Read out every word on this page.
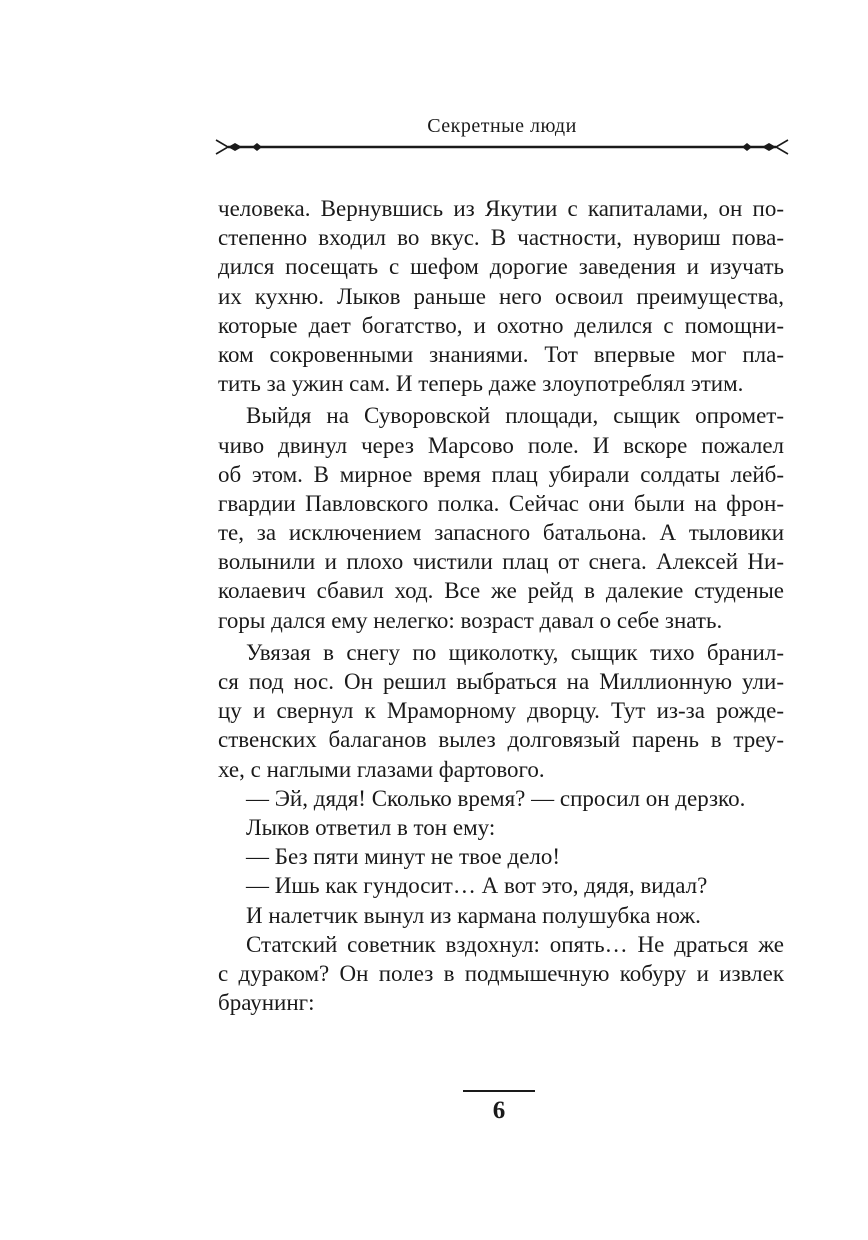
Секретные люди

человека. Вернувшись из Якутии с капиталами, он по-

степенно входил во вкус. В частности, нувориш пова-

дился посещать с шефом дорогие заведения и изучать

их кухню. Лыков раньше него освоил преимущества,

которые дает богатство, и охотно делился с помощни-

ком сокровенными знаниями. Тот впервые мог пла-

тить за ужин сам. И теперь даже злоупотреблял этим.

Выйдя на Суворовской площади, сыщик опромет-

чиво двинул через Марсово поле. И вскоре пожалел

об этом. В мирное время плац убирали солдаты лейб-

гвардии Павловского полка. Сейчас они были на фрон-

те, за исключением запасного батальона. А тыловики

волынили и плохо чистили плац от снега. Алексей Ни-

колаевич сбавил ход. Все же рейд в далекие студеные

горы дался ему нелегко: возраст давал о себе знать.

Увязая в снегу по щиколотку, сыщик тихо бранил-

ся под нос. Он решил выбраться на Миллионную ули-

цу и свернул к Мраморному дворцу. Тут из-за рожде-

ственских балаганов вылез долговязый парень в треу-

хе, с наглыми глазами фартового.

— Эй, дядя! Сколько время? — спросил он дерзко.

Лыков ответил в тон ему:

— Без пяти минут не твое дело!

— Ишь как гундосит… А вот это, дядя, видал?

И налетчик вынул из кармана полушубка нож.

Статский советник вздохнул: опять… Не драться же

с дураком? Он полез в подмышечную кобуру и извлек

браунинг:

6
